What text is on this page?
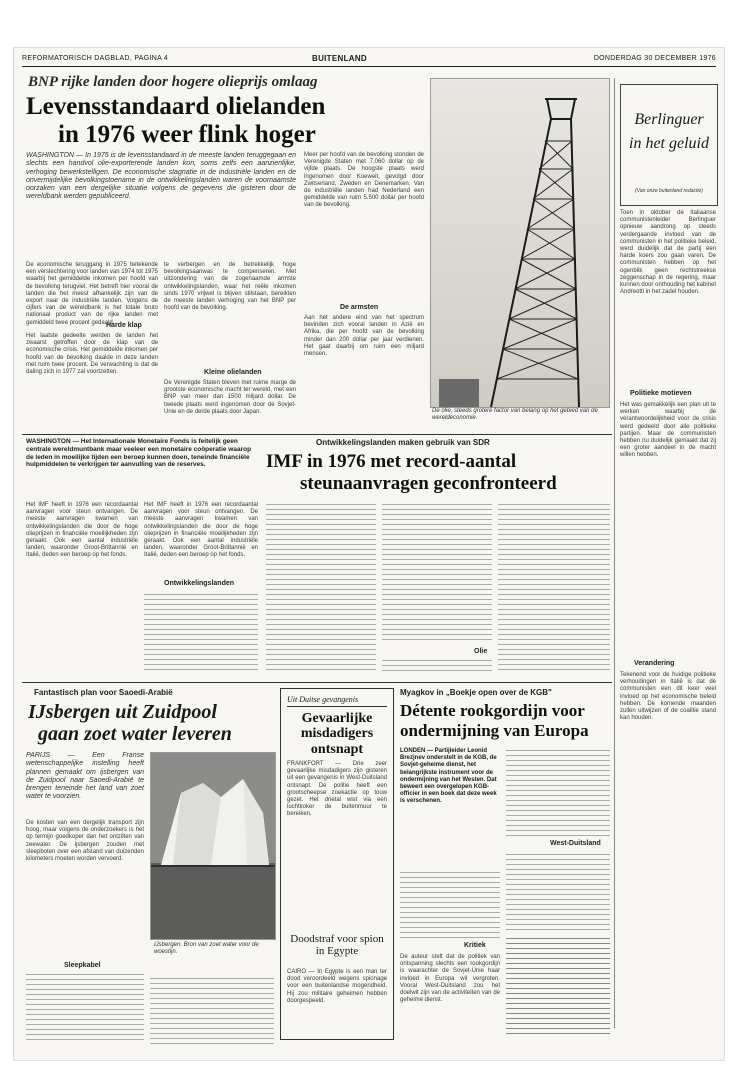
REFORMATORISCH DAGBLAD, PAGINA 4	BUITENLAND	DONDERDAG 30 DECEMBER 1976
BNP rijke landen door hogere olieprijs omlaag
Levensstandaard olielanden
in 1976 weer flink hoger
WASHINGTON — In 1975 is de levensstandaard in de meeste landen teruggegaan en slechts een handvol olie-exporterende landen kon, soms zelfs een aanzienlijke, verhoging bewerkstelligen. De economische stagnatie in de industriële landen en de onvermijdelijke bevolkingstoename in de ontwikkelingslanden waren de voornaamste oorzaken van een dergelijke situatie volgens de gegevens die gisteren door de wereldbank werden gepubliceerd.
De economische teruggang in 1975 betekende een verslechtering voor landen van 1974 tot 1975 waarbij het gemiddelde inkomen per hoofd van de bevolking terugviel. Het betreft hier vooral de landen die het meest afhankelijk zijn van de export naar de industriële landen. Volgens de cijfers van de wereldbank is het totale bruto nationaal product van de rijke landen met gemiddeld twee procent gedaald.
Harde klap
Het laatste gedeelte werden de landen het zwaarst getroffen door de klap van de economische crisis. Het gemiddelde inkomen per hoofd van de bevolking daalde in deze landen met ruim twee procent. De verwachting is dat de daling zich in 1977 zal voortzetten.
te verbergen en de betrekkelijk hoge bevolkingsaanwas te compenseren. Met uitzondering van de zogenaamde armste ontwikkelingslanden, waar het reële inkomen sinds 1970 vrijwel is blijven stilstaan, bereikten de meeste landen verhoging van het BNP per hoofd van de bevolking.
Kleine olielanden
De Verenigde Staten bleven met ruime marge de grootste economische macht ter wereld, met een BNP van meer dan 1500 miljard dollar. De tweede plaats werd ingenomen door de Sovjet-Unie en de derde plaats door Japan.
Meer per hoofd van de bevolking stonden de Verenigde Staten met 7.060 dollar op de vijfde plaats. De hoogste plaats werd ingenomen door Koeweit, gevolgd door Zwitserland, Zweden en Denemarken. Van de industriële landen had Nederland een gemiddelde van ruim 5.500 dollar per hoofd van de bevolking.
De armsten
Aan het andere eind van het spectrum bevinden zich vooral landen in Azië en Afrika, die per hoofd van de bevolking minder dan 200 dollar per jaar verdienen. Het gaat daarbij om ruim een miljard mensen.
De olie, steeds grotere factor van belang op het gebied van de wereldeconomie.
Berlinguer
in het geluid
(Van onze buitenland redactie)
Toen in oktober de Italiaanse communistenleider Berlinguer opnieuw aandrong op steeds verdergaande invloed van de communisten in het politieke beleid, werd duidelijk dat de partij een harde koers zou gaan varen. De communisten hebben op het ogenblik geen rechtstreekse zeggenschap in de regering, maar kunnen door onthouding het kabinet Andreotti in het zadel houden.
Politieke motieven
Het was gemakkelijk een plan uit te werken waarbij de verantwoordelijkheid voor de crisis werd gedeeld door alle politieke partijen. Maar de communisten hebben nu duidelijk gemaakt dat zij een groter aandeel in de macht willen hebben.
Verandering
Tekenend voor de huidige politieke verhoudingen in Italië is dat de communisten een dit keer veel invloed op het economische beleid hebben. De komende maanden zullen uitwijzen of de coalitie stand kan houden.
WASHINGTON — Het Internationale Monetaire Fonds is feitelijk geen centrale wereldmuntbank maar veeleer een monetaire coöperatie waarop de leden in moeilijke tijden een beroep kunnen doen, teneinde financiële hulpmiddelen te verkrijgen ter aanvulling van de reserves.
Ontwikkelingslanden maken gebruik van SDR
IMF in 1976 met record-aantal
steunaanvragen geconfronteerd
Het IMF heeft in 1976 een recordaantal aanvragen voor steun ontvangen. De meeste aanvragen kwamen van ontwikkelingslanden die door de hoge olieprijzen in financiële moeilijkheden zijn geraakt. Ook een aantal industriële landen, waaronder Groot-Brittannië en Italië, deden een beroep op het fonds.
Het IMF heeft in 1976 een recordaantal aanvragen voor steun ontvangen. De meeste aanvragen kwamen van ontwikkelingslanden die door de hoge olieprijzen in financiële moeilijkheden zijn geraakt. Ook een aantal industriële landen, waaronder Groot-Brittannië en Italië, deden een beroep op het fonds.
Ontwikkelingslanden
Olie
Fantastisch plan voor Saoedi-Arabië
IJsbergen uit Zuidpool
gaan zoet water leveren
PARIJS — Een Franse wetenschappelijke instelling heeft plannen gemaakt om ijsbergen van de Zuidpool naar Saoedi-Arabië te brengen teneinde het land van zoet water te voorzien.
De kosten van een dergelijk transport zijn hoog, maar volgens de onderzoekers is het op termijn goedkoper dan het ontzilten van zeewater. De ijsbergen zouden met sleepboten over een afstand van duizenden kilometers moeten worden vervoerd.
Sleepkabel
IJsbergen. Bron van zoet water voor de woestijn.
Uit Duitse gevangenis
Gevaarlijke misdadigers ontsnapt
FRANKFORT — Drie zeer gevaarlijke misdadigers zijn gisteren uit een gevangenis in West-Duitsland ontsnapt. De politie heeft een grootscheepse zoekactie op touw gezet. Het drietal wist via een luchtkoker de buitenmuur te bereiken.
Doodstraf voor spion in Egypte
CAIRO — In Egypte is een man ter dood veroordeeld wegens spionage voor een buitenlandse mogendheid. Hij zou militaire geheimen hebben doorgespeeld.
Myagkov in „Boekje open over de KGB"
Détente rookgordijn voor
ondermijning van Europa
LONDEN — Partijleider Leonid Brezjnev onderstelt in de KGB, de Sovjet-geheime dienst, het belangrijkste instrument voor de ondermijning van het Westen. Dat beweert een overgelopen KGB-officier in een boek dat deze week is verschenen.
Kritiek
De auteur stelt dat de politiek van ontspanning slechts een rookgordijn is waarachter de Sovjet-Unie haar invloed in Europa wil vergroten. Vooral West-Duitsland zou het doelwit zijn van de activiteiten van de geheime dienst.
West-Duitsland
